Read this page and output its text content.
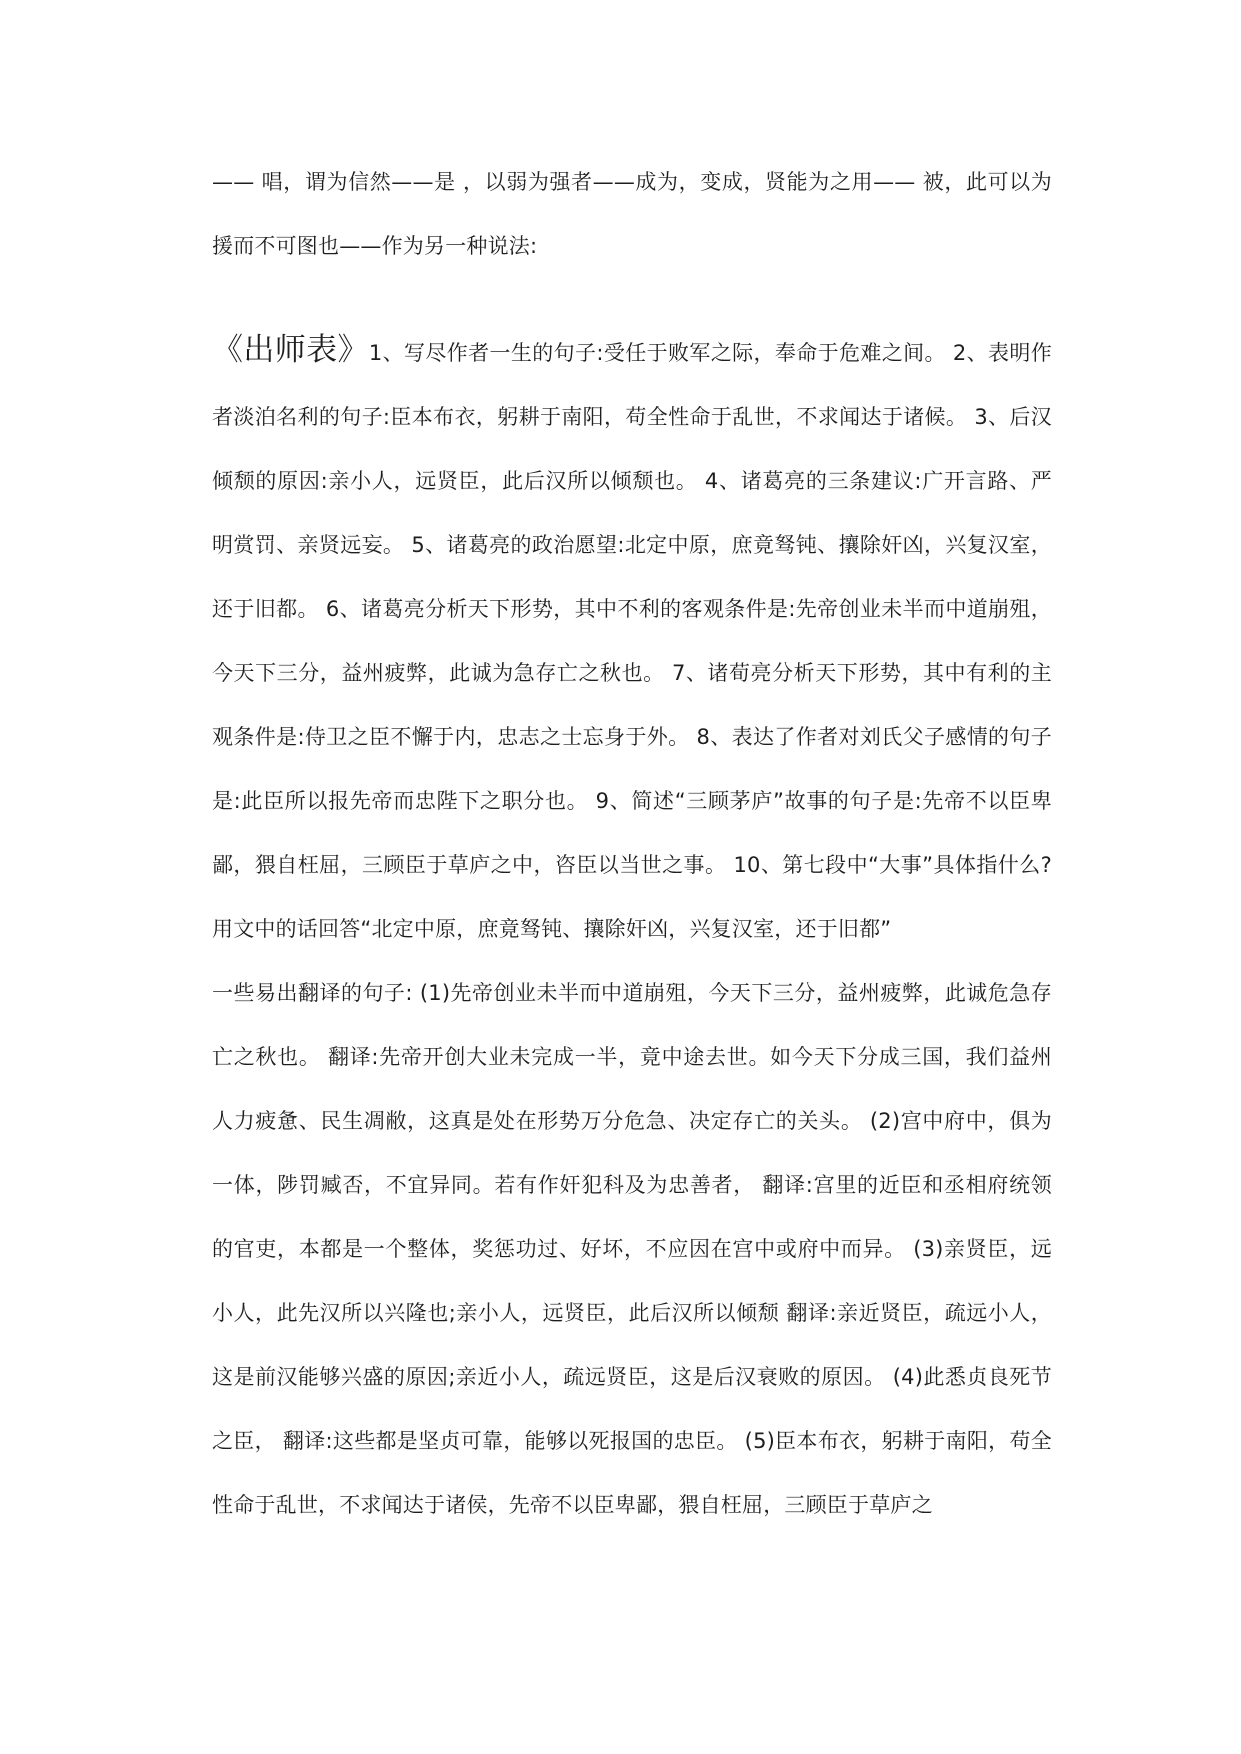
—— 唱，谓为信然——是 ，以弱为强者——成为，变成，贤能为之用—— 被，此可以为援而不可图也——作为另一种说法:

《出师表》1、写尽作者一生的句子:受任于败军之际，奉命于危难之间。 2、表明作者淡泊名利的句子:臣本布衣，躬耕于南阳，苟全性命于乱世，不求闻达于诸候。 3、后汉倾颓的原因:亲小人，远贤臣，此后汉所以倾颓也。 4、诸葛亮的三条建议:广开言路、严明赏罚、亲贤远妄。 5、诸葛亮的政治愿望:北定中原，庶竟驽钝、攘除奸凶，兴复汉室，还于旧都。 6、诸葛亮分析天下形势，其中不利的客观条件是:先帝创业未半而中道崩殂，今天下三分，益州疲弊，此诚为急存亡之秋也。 7、诸荀亮分析天下形势，其中有利的主观条件是:侍卫之臣不懈于内，忠志之士忘身于外。 8、表达了作者对刘氏父子感情的句子是:此臣所以报先帝而忠陛下之职分也。 9、简述“三顾茅庐”故事的句子是:先帝不以臣卑鄙，猥自枉屈，三顾臣于草庐之中，咨臣以当世之事。 10、第七段中“大事”具体指什么?用文中的话回答“北定中原，庶竟驽钝、攘除奸凶，兴复汉室，还于旧都”

一些易出翻译的句子: (1)先帝创业未半而中道崩殂，今天下三分，益州疲弊，此诚危急存亡之秋也。 翻译:先帝开创大业未完成一半，竟中途去世。如今天下分成三国，我们益州人力疲惫、民生凋敝，这真是处在形势万分危急、决定存亡的关头。 (2)宫中府中，俱为一体，陟罚臧否，不宜异同。若有作奸犯科及为忠善者， 翻译:宫里的近臣和丞相府统领的官吏，本都是一个整体，奖惩功过、好坏，不应因在宫中或府中而异。 (3)亲贤臣，远小人，此先汉所以兴隆也;亲小人，远贤臣，此后汉所以倾颓 翻译:亲近贤臣，疏远小人，这是前汉能够兴盛的原因;亲近小人，疏远贤臣，这是后汉衰败的原因。 (4)此悉贞良死节之臣， 翻译:这些都是坚贞可靠，能够以死报国的忠臣。 (5)臣本布衣，躬耕于南阳，苟全性命于乱世，不求闻达于诸侯，先帝不以臣卑鄙，猥自枉屈，三顾臣于草庐之
